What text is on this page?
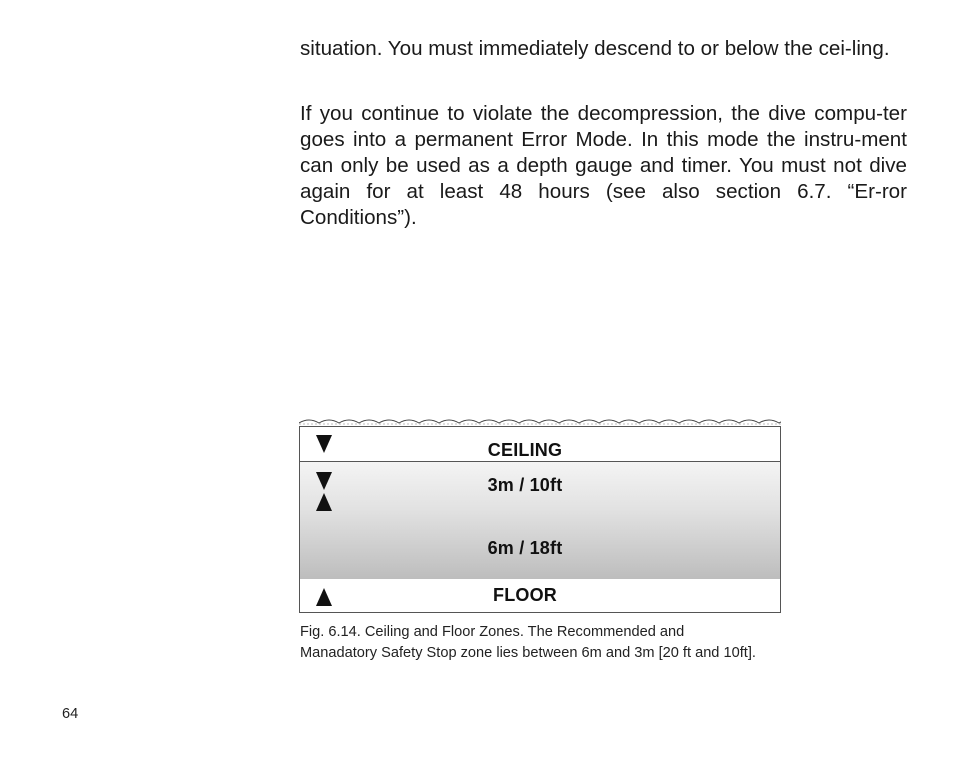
situation. You must immediately descend to or below the cei-ling.

If you continue to violate the decompression, the dive compu-ter goes into a permanent Error Mode. In this mode the instru-ment can only be used as a depth gauge and timer. You must not dive again for at least 48 hours (see also section 6.7. “Er-ror Conditions”).

CEILING
3m / 10ft
6m / 18ft
FLOOR

Fig. 6.14. Ceiling and Floor Zones. The Recommended and Manadatory Safety Stop zone lies between 6m and 3m [20 ft and 10ft].

64
